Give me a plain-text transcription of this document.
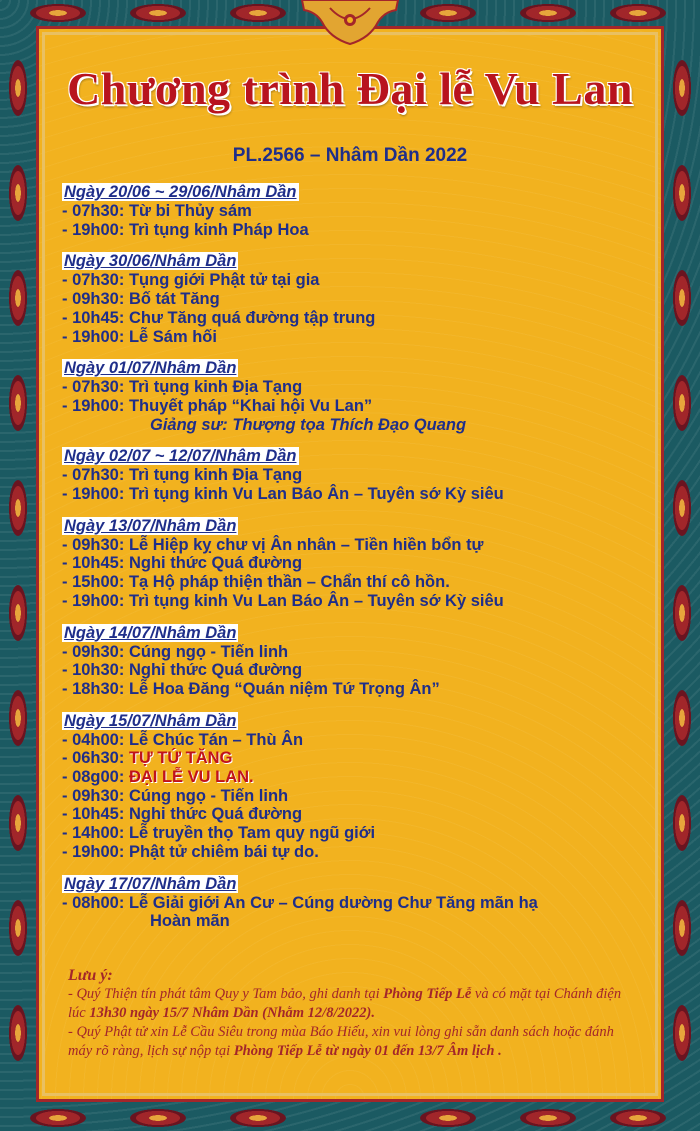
Chương trình Đại lễ Vu Lan
PL.2566 – Nhâm Dần 2022
Ngày 20/06 ~ 29/06/Nhâm Dần
- 07h30: Từ bi Thủy sám
- 19h00: Trì tụng kinh Pháp Hoa
Ngày 30/06/Nhâm Dần
- 07h30: Tụng giới Phật tử tại gia
- 09h30: Bố tát Tăng
- 10h45: Chư Tăng quá đường tập trung
- 19h00: Lễ Sám hối
Ngày 01/07/Nhâm Dần
- 07h30: Trì tụng kinh Địa Tạng
- 19h00: Thuyết pháp “Khai hội Vu Lan”
Giảng sư: Thượng tọa Thích Đạo Quang
Ngày 02/07 ~ 12/07/Nhâm Dần
- 07h30: Trì tụng kinh Địa Tạng
- 19h00: Trì tụng kinh Vu Lan Báo Ân – Tuyên sớ Kỳ siêu
Ngày 13/07/Nhâm Dần
- 09h30: Lễ Hiệp kỵ chư vị Ân nhân – Tiền hiền bổn tự
- 10h45: Nghi thức Quá đường
- 15h00: Tạ Hộ pháp thiện thần – Chẩn thí cô hồn.
- 19h00: Trì tụng kinh Vu Lan Báo Ân – Tuyên sớ Kỳ siêu
Ngày 14/07/Nhâm Dần
- 09h30: Cúng ngọ - Tiến linh
- 10h30: Nghi thức Quá đường
- 18h30: Lễ Hoa Đăng “Quán niệm Tứ Trọng Ân”
Ngày 15/07/Nhâm Dần
- 04h00: Lễ Chúc Tán – Thù Ân
- 06h30: TỰ TỨ TĂNG
- 08g00: ĐẠI LỄ VU LAN.
- 09h30: Cúng ngọ - Tiến linh
- 10h45: Nghi thức Quá đường
- 14h00: Lễ truyền thọ Tam quy ngũ giới
- 19h00: Phật tử chiêm bái tự do.
Ngày 17/07/Nhâm Dần
- 08h00: Lễ Giải giới An Cư – Cúng dường Chư Tăng mãn hạ
Hoàn mãn
Lưu ý:
- Quý Thiện tín phát tâm Quy y Tam bảo, ghi danh tại Phòng Tiếp Lễ và có mặt tại Chánh điện lúc 13h30 ngày 15/7 Nhâm Dần (Nhằm 12/8/2022).
- Quý Phật tử xin Lễ Cầu Siêu trong mùa Báo Hiếu, xin vui lòng ghi sẵn danh sách hoặc đánh máy rõ ràng, lịch sự nộp tại Phòng Tiếp Lễ từ ngày 01 đến 13/7 Âm lịch .
